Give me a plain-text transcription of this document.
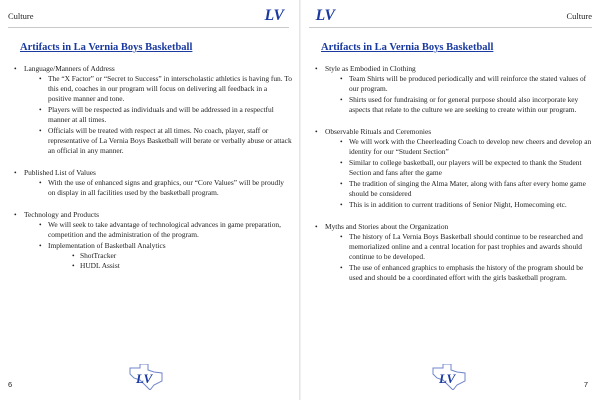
Culture	LV
Artifacts in La Vernia Boys Basketball
• Language/Manners of Address
• The “X Factor” or “Secret to Success” in interscholastic athletics is having fun. To this end, coaches in our program will focus on delivering all feedback in a positive manner and tone.
• Players will be respected as individuals and will be addressed in a respectful manner at all times.
• Officials will be treated with respect at all times. No coach, player, staff or representative of La Vernia Boys Basketball will berate or verbally abuse or attack an official in any manner.
• Published List of Values
• With the use of enhanced signs and graphics, our “Core Values” will be proudly on display in all facilities used by the basketball program.
• Technology and Products
• We will seek to take advantage of technological advances in game preparation, competition and the administration of the program.
• Implementation of Basketball Analytics
• ShotTracker
• HUDL Assist
LV
6
LV	Culture
Artifacts in La Vernia Boys Basketball
• Style as Embodied in Clothing
• Team Shirts will be produced periodically and will reinforce the stated values of our program.
• Shirts used for fundraising or for general purpose should also incorporate key aspects that relate to the culture we are seeking to create within our program.
• Observable Rituals and Ceremonies
• We will work with the Cheerleading Coach to develop new cheers and develop an identity for our “Student Section”
• Similar to college basketball, our players will be expected to thank the Student Section and fans after the game
• The tradition of singing the Alma Mater, along with fans after every home game should be considered
• This is in addition to current traditions of Senior Night, Homecoming etc.
• Myths and Stories about the Organization
• The history of La Vernia Boys Basketball should continue to be researched and memorialized online and a central location for past trophies and awards should continue to be developed.
• The use of enhanced graphics to emphasis the history of the program should be used and should be a coordinated effort with the girls basketball program.
LV	7
